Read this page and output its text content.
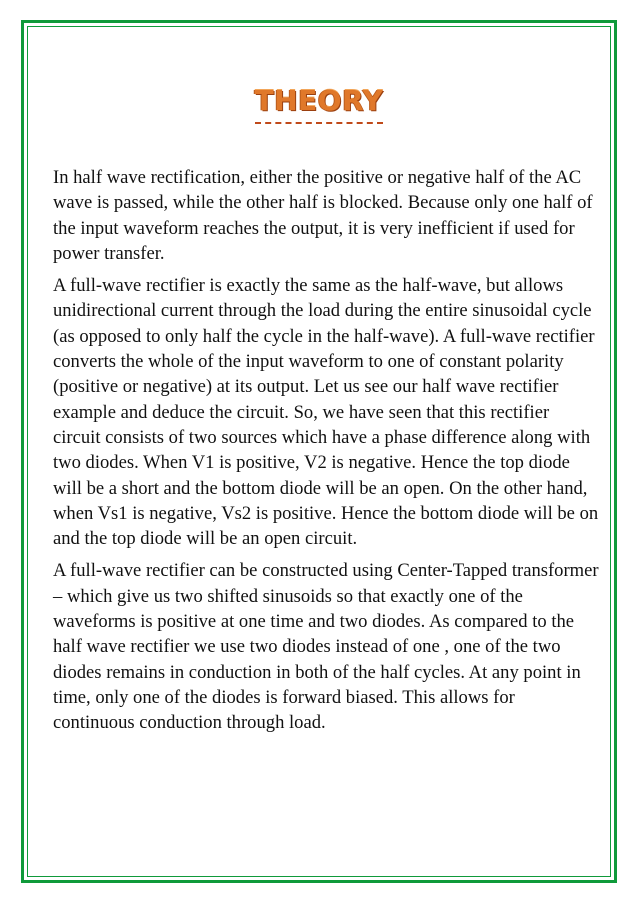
THEORY

In half wave rectification, either the positive or negative half of the AC wave is passed, while the other half is blocked. Because only one half of the input waveform reaches the output, it is very inefficient if used for power transfer.

A full-wave rectifier is exactly the same as the half-wave, but allows unidirectional current through the load during the entire sinusoidal cycle (as opposed to only half the cycle in the half-wave). A full-wave rectifier converts the whole of the input waveform to one of constant polarity (positive or negative) at its output. Let us see our half wave rectifier example and deduce the circuit. So, we have seen that this rectifier circuit consists of two sources which have a phase difference along with two diodes. When V1 is positive, V2 is negative. Hence the top diode will be a short and the bottom diode will be an open. On the other hand, when Vs1 is negative, Vs2 is positive. Hence the bottom diode will be on and the top diode will be an open circuit.

A full-wave rectifier can be constructed using Center-Tapped transformer – which give us two shifted sinusoids so that exactly one of the waveforms is positive at one time and two diodes. As compared to the half wave rectifier we use two diodes instead of one , one of the two diodes remains in conduction in both of the half cycles. At any point in time, only one of the diodes is forward biased. This allows for continuous conduction through load.
